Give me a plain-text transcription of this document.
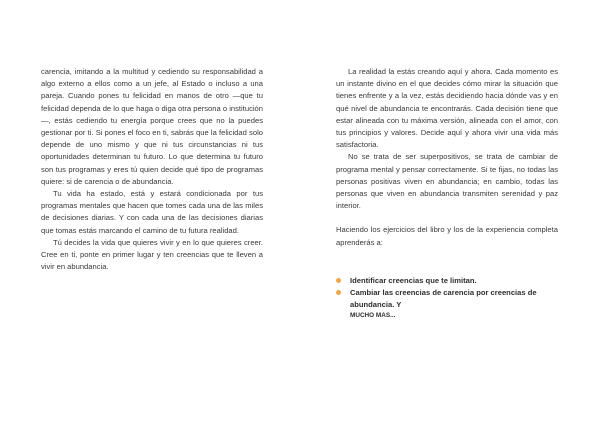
carencia, imitando a la multitud y cediendo su responsabilidad a algo externo a ellos como a un jefe, al Estado o incluso a una pareja. Cuando pones tu felicidad en manos de otro —que tu felicidad dependa de lo que haga o diga otra persona o institución—, estás cediendo tu energía porque crees que no la puedes gestionar por ti. Si pones el foco en ti, sabrás que la felicidad solo depende de uno mismo y que ni tus circunstancias ni tus oportunidades determinan tu futuro. Lo que determina tu futuro son tus programas y eres tú quien decide qué tipo de programas quiere: si de carencia o de abundancia.

Tu vida ha estado, está y estará condicionada por tus programas mentales que hacen que tomes cada una de las miles de decisiones diarias. Y con cada una de las decisiones diarias que tomas estás marcando el camino de tu futura realidad.

Tú decides la vida que quieres vivir y en lo que quieres creer. Cree en ti, ponte en primer lugar y ten creencias que te lleven a vivir en abundancia.

La realidad la estás creando aquí y ahora. Cada momento es un instante divino en el que decides cómo mirar la situación que tienes enfrente y a la vez, estás decidiendo hacia dónde vas y en qué nivel de abundancia te encontrarás. Cada decisión tiene que estar alineada con tu máxima versión, alineada con el amor, con tus principios y valores. Decide aquí y ahora vivir una vida más satisfactoria.

No se trata de ser superpositivos, se trata de cambiar de programa mental y pensar correctamente. Si te fijas, no todas las personas positivas viven en abundancia; en cambio, todas las personas que viven en abundancia transmiten serenidad y paz interior.

Haciendo los ejercicios del libro y los de la experiencia completa aprenderás a:

Identificar creencias que te limitan.
Cambiar las creencias de carencia por creencias de abundancia. Y
MUCHO MAS...
